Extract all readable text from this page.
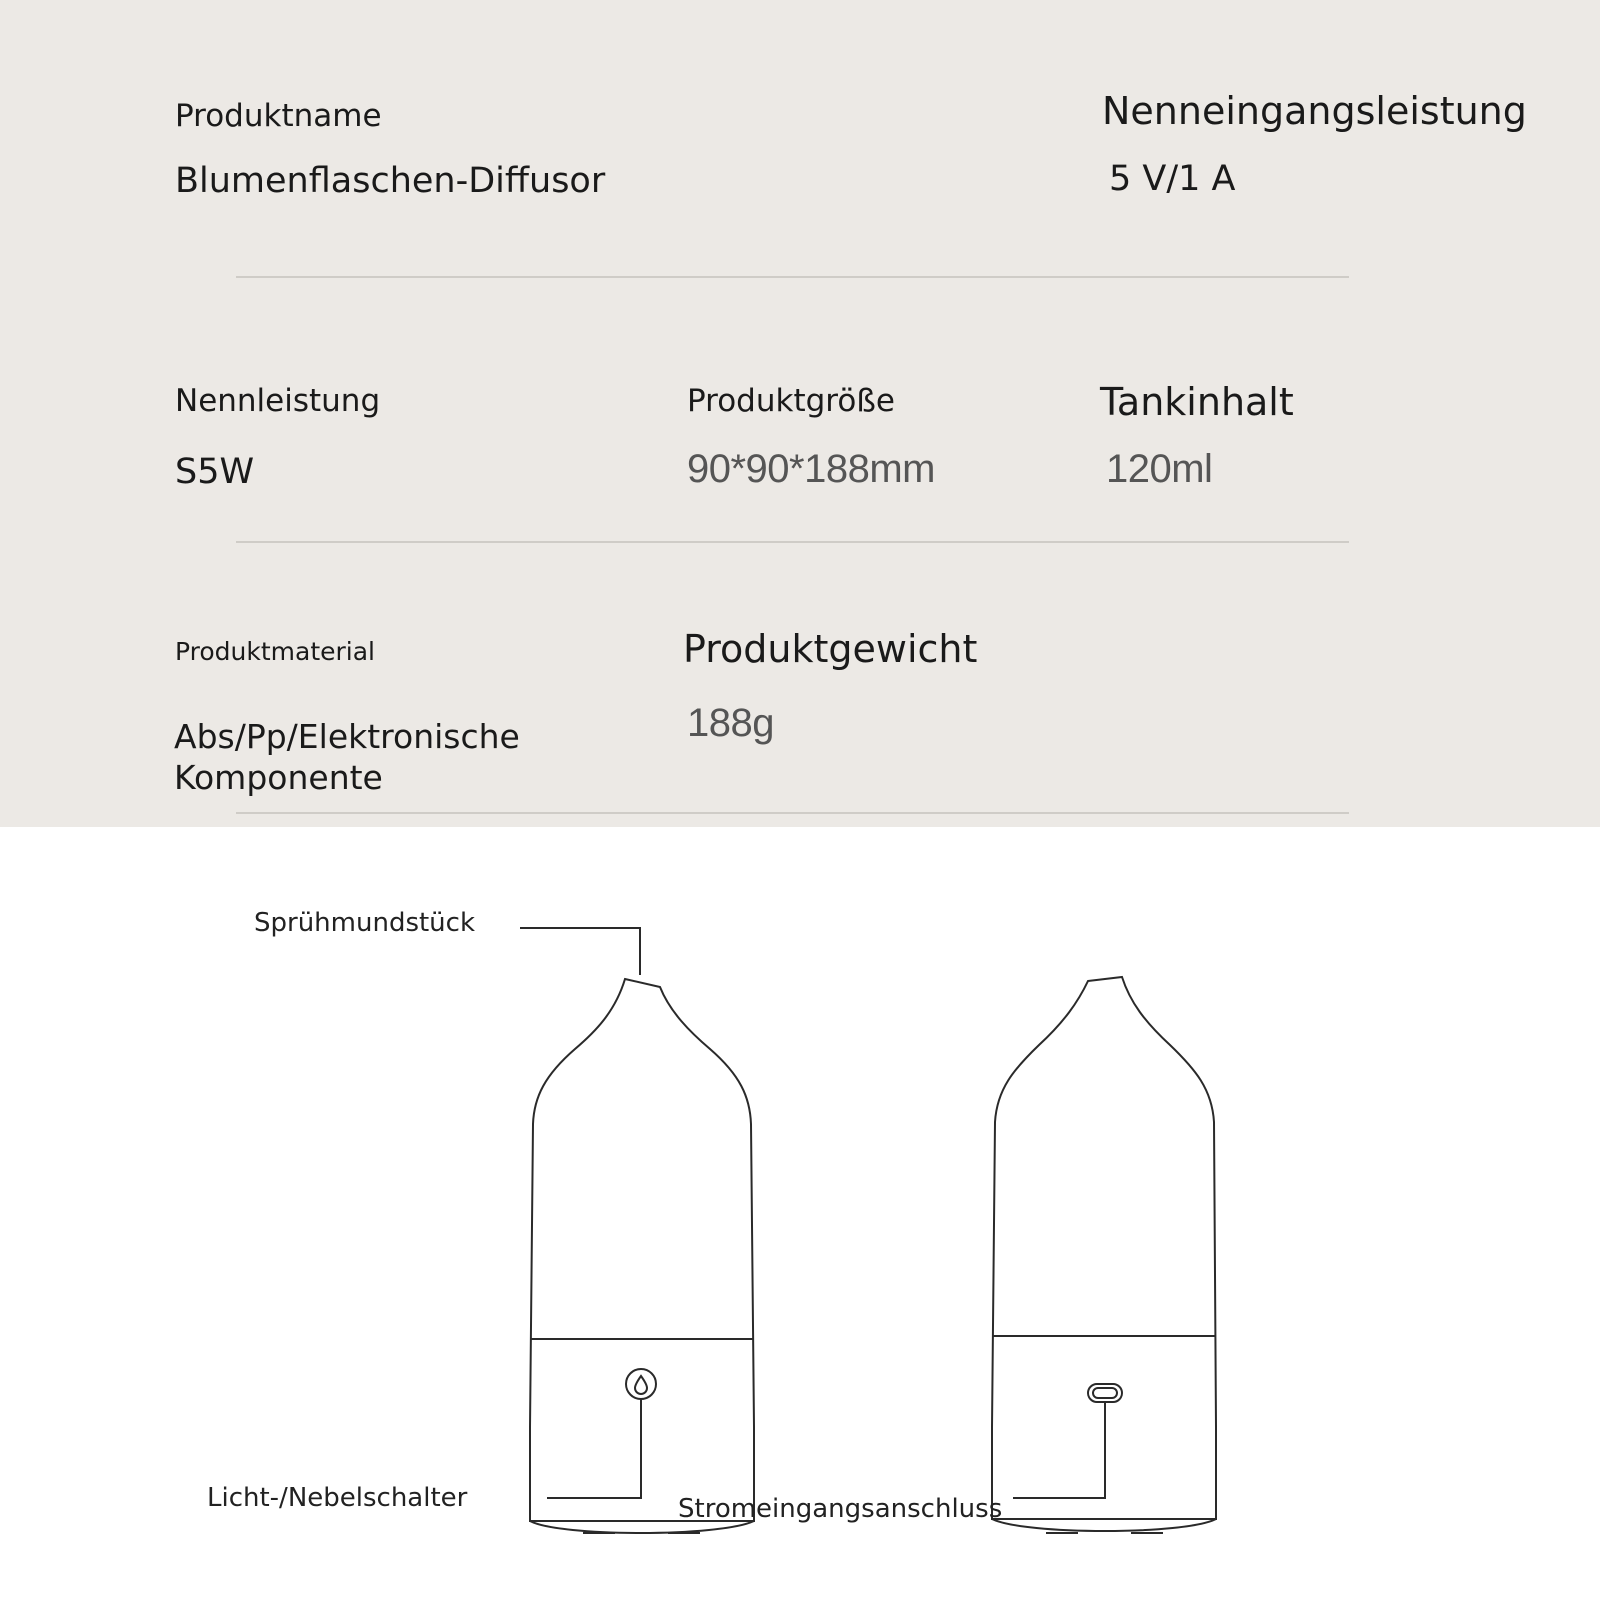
Produktname
Blumenflaschen-Diffusor
Nenneingangsleistung
5 V/1 A
Nennleistung
S5W
Produktgröße
90*90*188mm
Tankinhalt
120ml
Produktmaterial
Abs/Pp/Elektronische Komponente
Produktgewicht
188g
Sprühmundstück
Licht-/Nebelschalter	Stromeingangsanschluss
